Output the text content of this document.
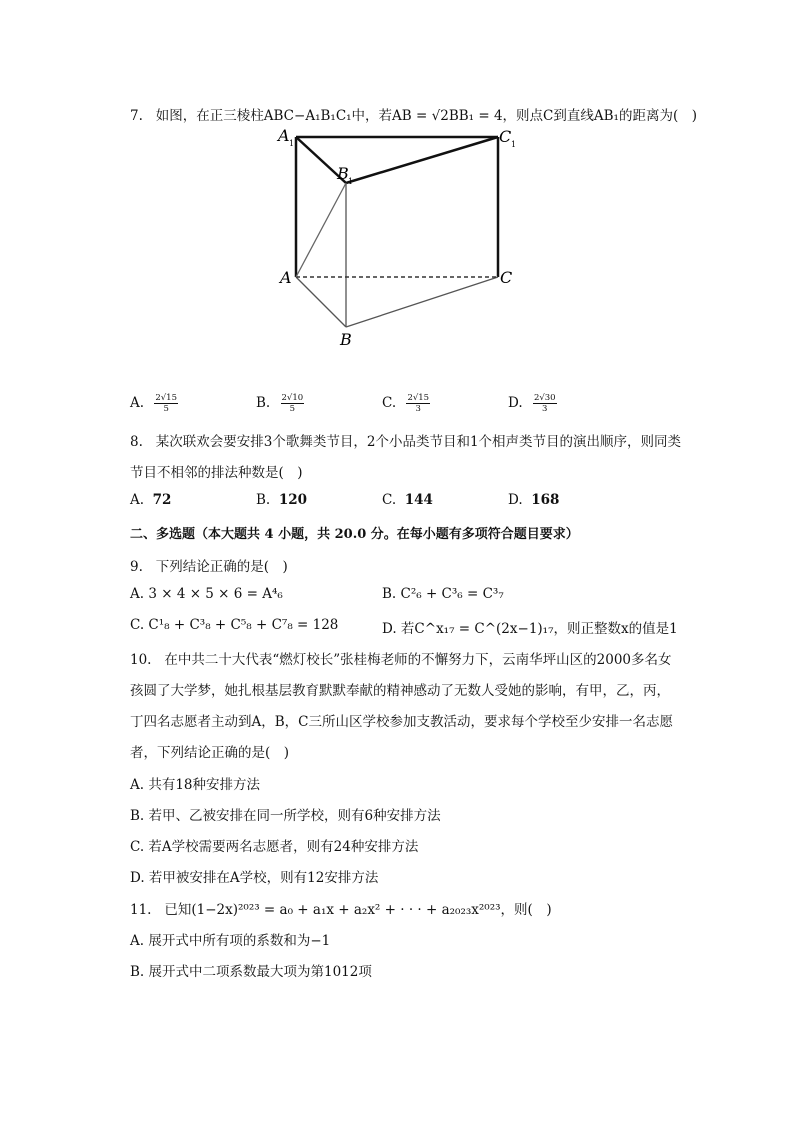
7. 如图，在正三棱柱ABC−A₁B₁C₁中，若AB = √2BB₁ = 4，则点C到直线AB₁的距离为(　)
A 1
B 1
C 1
A	C
B
A. $\frac{2√15}{5}$	B. $\frac{2√10}{5}$	C. $\frac{2√15}{3}$	D. $\frac{2√30}{3}$
8. 某次联欢会要安排3个歌舞类节目，2个小品类节目和1个相声类节目的演出顺序，则同类
节目不相邻的排法种数是(　)
A. 72	B. 120	C. 144	D. 168
二、多选题（本大题共 4 小题，共 20.0 分。在每小题有多项符合题目要求）
9. 下列结论正确的是(　)
A. 3 × 4 × 5 × 6 = A⁴₆	B. C²₆ + C³₆ = C³₇
C. C¹₈ + C³₈ + C⁵₈ + C⁷₈ = 128	D. 若C^x₁₇ = C^(2x−1)₁₇，则正整数x的值是1
10. 在中共二十大代表“燃灯校长”张桂梅老师的不懈努力下，云南华坪山区的2000多名女
孩圆了大学梦，她扎根基层教育默默奉献的精神感动了无数人受她的影响，有甲，乙，丙，
丁四名志愿者主动到A，B，C三所山区学校参加支教活动，要求每个学校至少安排一名志愿
者，下列结论正确的是(　)
A. 共有18种安排方法
B. 若甲、乙被安排在同一所学校，则有6种安排方法
C. 若A学校需要两名志愿者，则有24种安排方法
D. 若甲被安排在A学校，则有12安排方法
11. 已知(1−2x)²⁰²³ = a₀ + a₁x + a₂x² + · · · + a₂₀₂₃x²⁰²³，则(　)
A. 展开式中所有项的系数和为−1
B. 展开式中二项系数最大项为第1012项
